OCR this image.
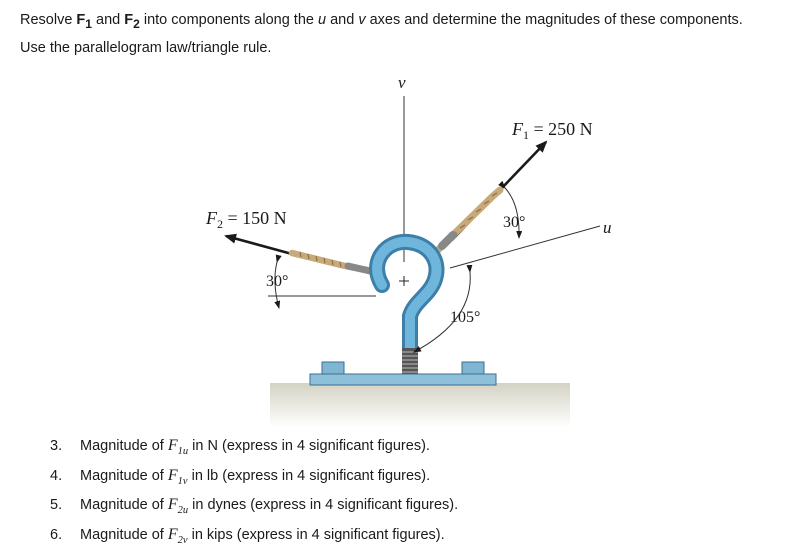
Resolve $F_1$ and $F_2$ into components along the u and v axes and determine the magnitudes of these components.

Use the parallelogram law/triangle rule.

v
u
$F_1 = 250$ N
$F_2 = 150$ N	30°
30°
105°
3. Magnitude of $F_{1u}$ in N (express in 4 significant figures).
4. Magnitude of $F_{1v}$ in lb (express in 4 significant figures).
5. Magnitude of $F_{2u}$ in dynes (express in 4 significant figures).
6. Magnitude of $F_{2v}$ in kips (express in 4 significant figures).
